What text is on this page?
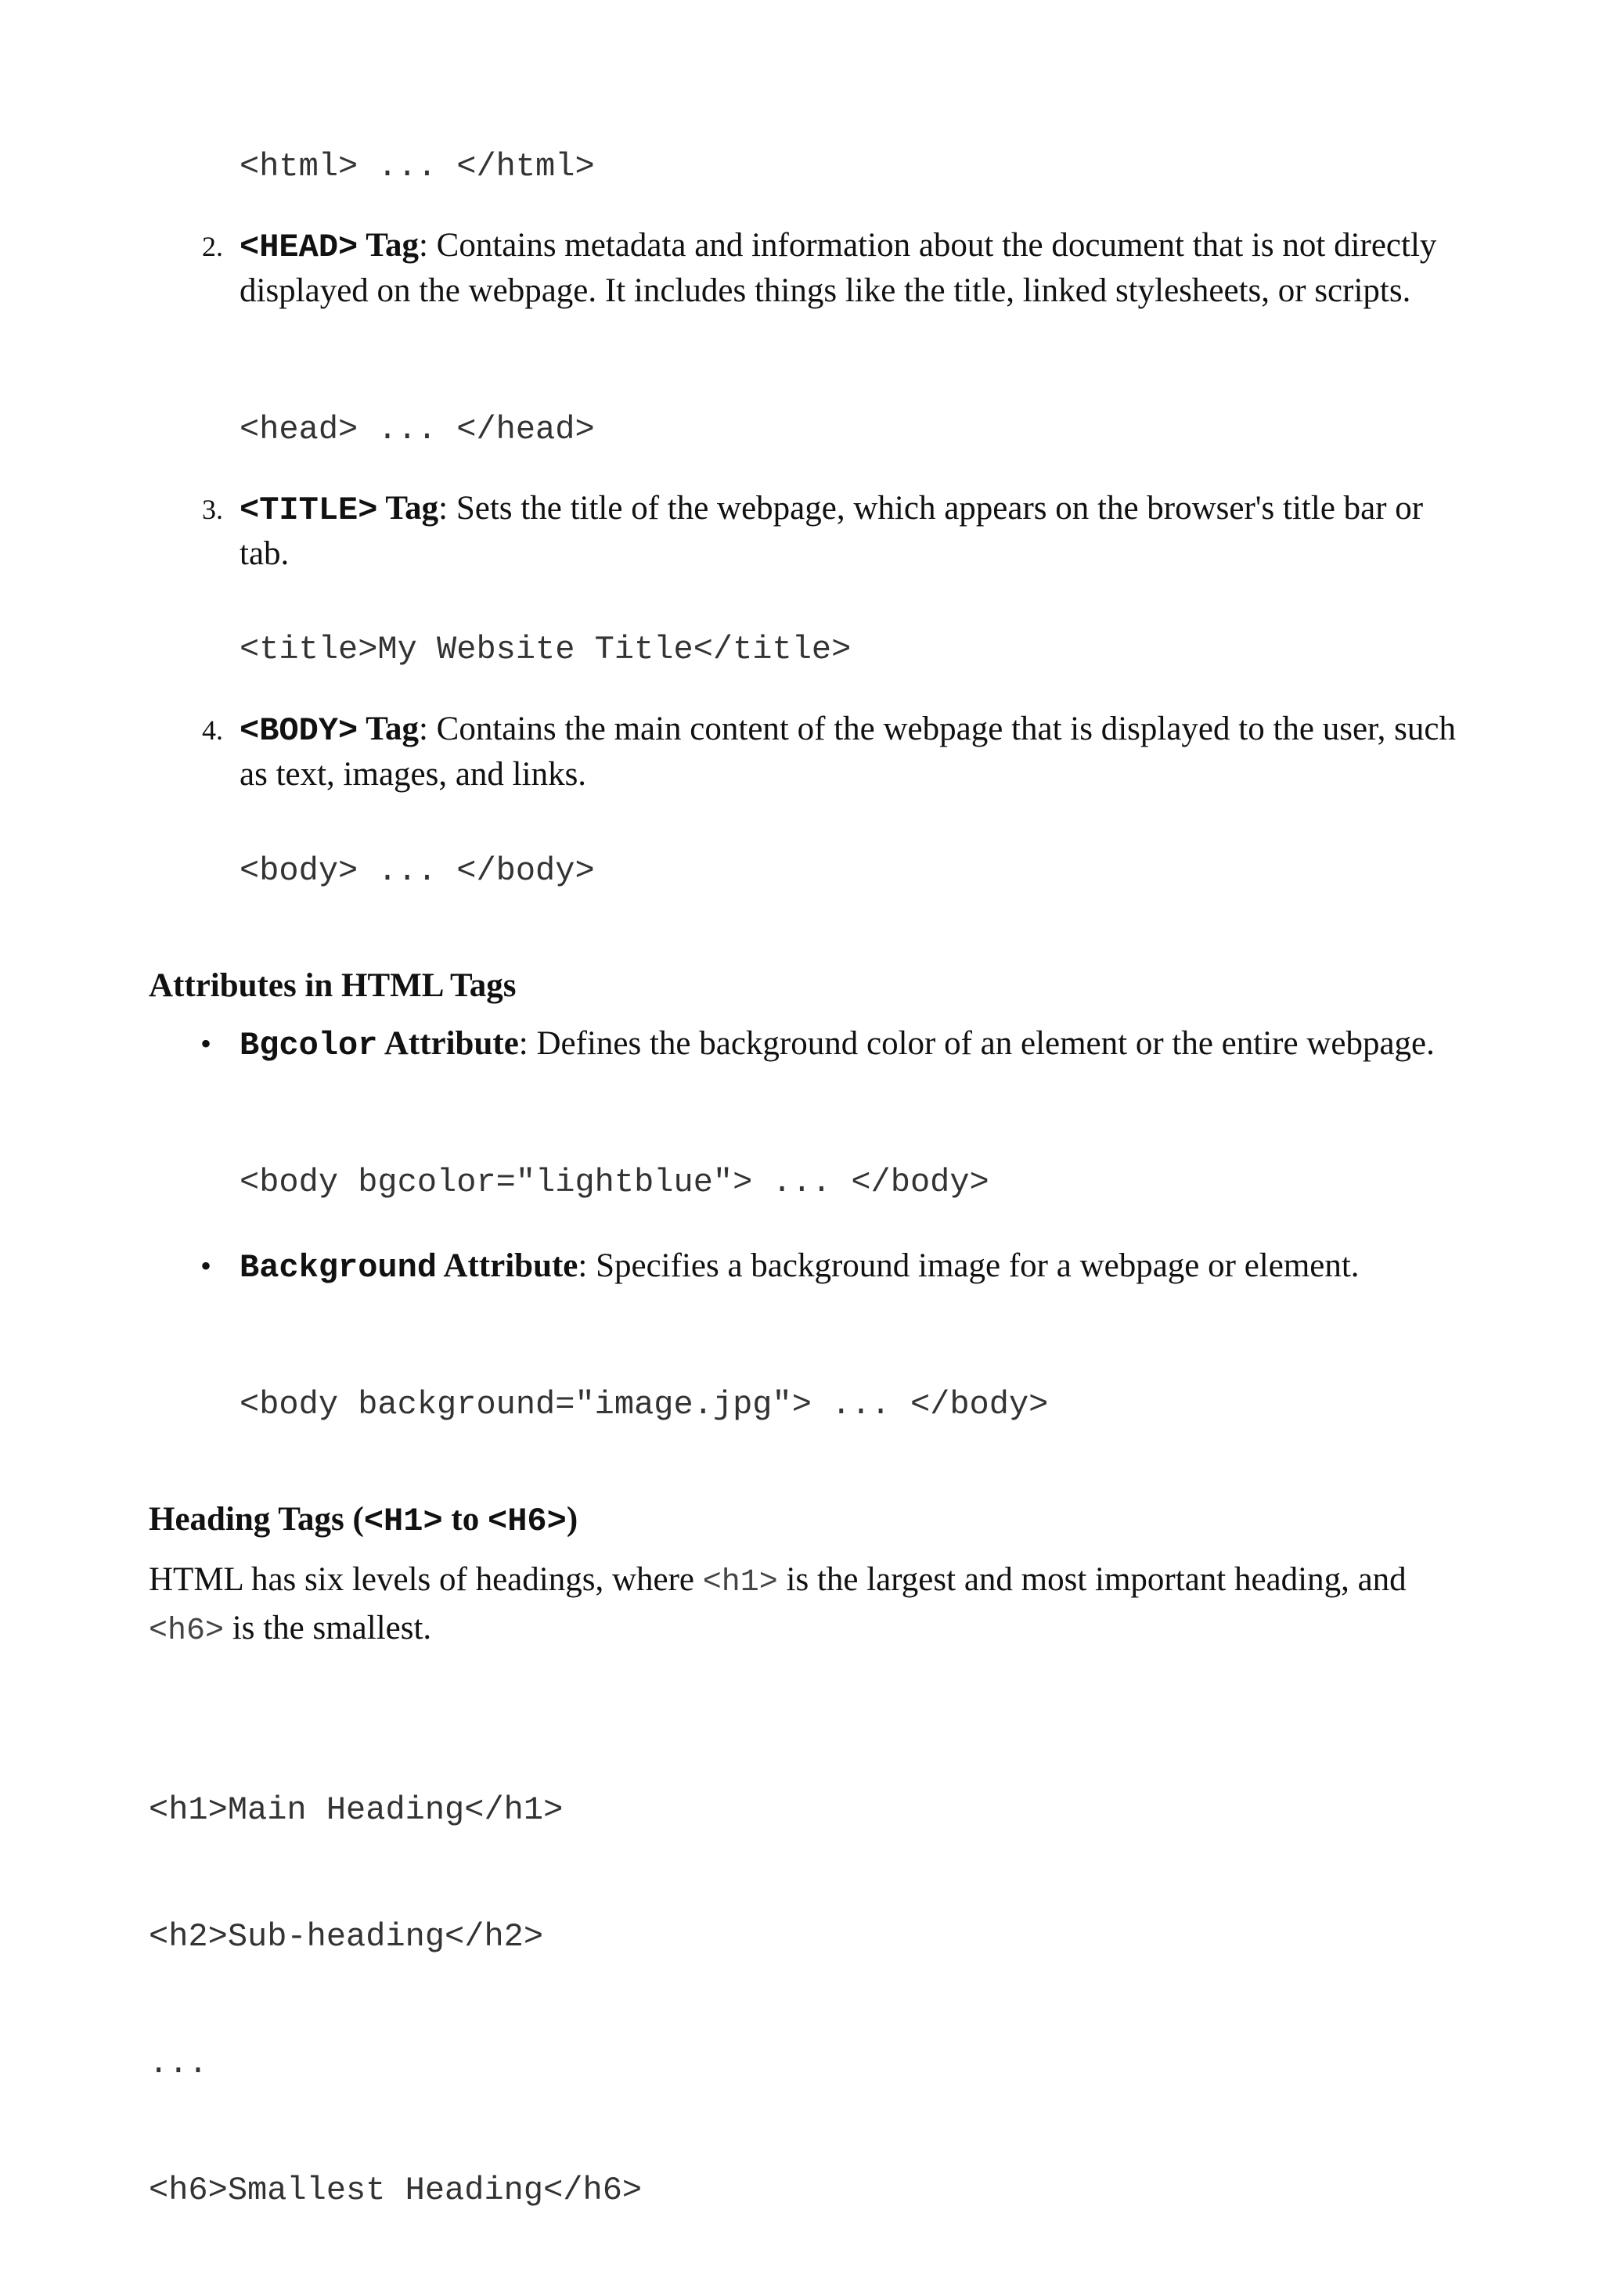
<html> ... </html>
2. <HEAD> Tag: Contains metadata and information about the document that is not directly displayed on the webpage. It includes things like the title, linked stylesheets, or scripts.
<head> ... </head>
3. <TITLE> Tag: Sets the title of the webpage, which appears on the browser's title bar or tab.
<title>My Website Title</title>
4. <BODY> Tag: Contains the main content of the webpage that is displayed to the user, such as text, images, and links.
<body> ... </body>
Attributes in HTML Tags
• Bgcolor Attribute: Defines the background color of an element or the entire webpage.
<body bgcolor="lightblue"> ... </body>
• Background Attribute: Specifies a background image for a webpage or element.
<body background="image.jpg"> ... </body>
Heading Tags (<H1> to <H6>)
HTML has six levels of headings, where <h1> is the largest and most important heading, and <h6> is the smallest.

<h1>Main Heading</h1>

<h2>Sub-heading</h2>

...

<h6>Smallest Heading</h6>
